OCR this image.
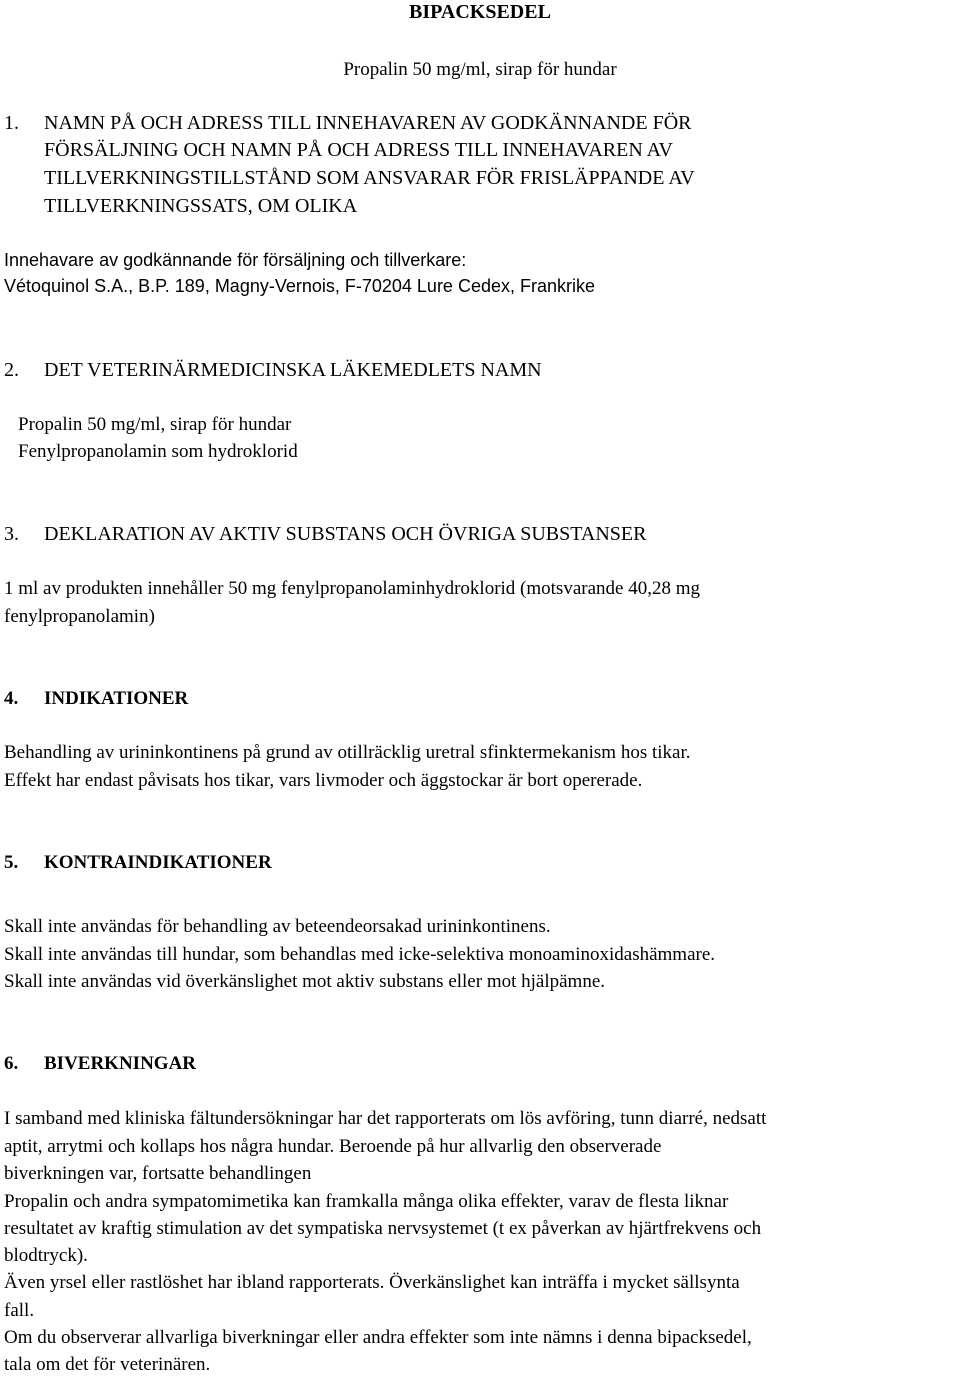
BIPACKSEDEL

Propalin 50 mg/ml, sirap för hundar

1. NAMN PÅ OCH ADRESS TILL INNEHAVAREN AV GODKÄNNANDE FÖR

FÖRSÄLJNING OCH NAMN PÅ OCH ADRESS TILL INNEHAVAREN AV

TILLVERKNINGSTILLSTÅND SOM ANSVARAR FÖR FRISLÄPPANDE AV

TILLVERKNINGSSATS, OM OLIKA

Innehavare av godkännande för försäljning och tillverkare:

Vétoquinol S.A., B.P. 189, Magny-Vernois, F-70204 Lure Cedex, Frankrike

2. DET VETERINÄRMEDICINSKA LÄKEMEDLETS NAMN

Propalin 50 mg/ml, sirap för hundar

Fenylpropanolamin som hydroklorid

3. DEKLARATION AV AKTIV SUBSTANS OCH ÖVRIGA SUBSTANSER

1 ml av produkten innehåller 50 mg fenylpropanolaminhydroklorid (motsvarande 40,28 mg

fenylpropanolamin)

4. INDIKATIONER

Behandling av urininkontinens på grund av otillräcklig uretral sfinktermekanism hos tikar.

Effekt har endast påvisats hos tikar, vars livmoder och äggstockar är bort opererade.

5. KONTRAINDIKATIONER

Skall inte användas för behandling av beteendeorsakad urininkontinens.

Skall inte användas till hundar, som behandlas med icke-selektiva monoaminoxidashämmare.

Skall inte användas vid överkänslighet mot aktiv substans eller mot hjälpämne.

6. BIVERKNINGAR

I samband med kliniska fältundersökningar har det rapporterats om lös avföring, tunn diarré, nedsatt

aptit, arrytmi och kollaps hos några hundar. Beroende på hur allvarlig den observerade

biverkningen var, fortsatte behandlingen

Propalin och andra sympatomimetika kan framkalla många olika effekter, varav de flesta liknar

resultatet av kraftig stimulation av det sympatiska nervsystemet (t ex påverkan av hjärtfrekvens och

blodtryck).

Även yrsel eller rastlöshet har ibland rapporterats. Överkänslighet kan inträffa i mycket sällsynta

fall.

Om du observerar allvarliga biverkningar eller andra effekter som inte nämns i denna bipacksedel,

tala om det för veterinären.
